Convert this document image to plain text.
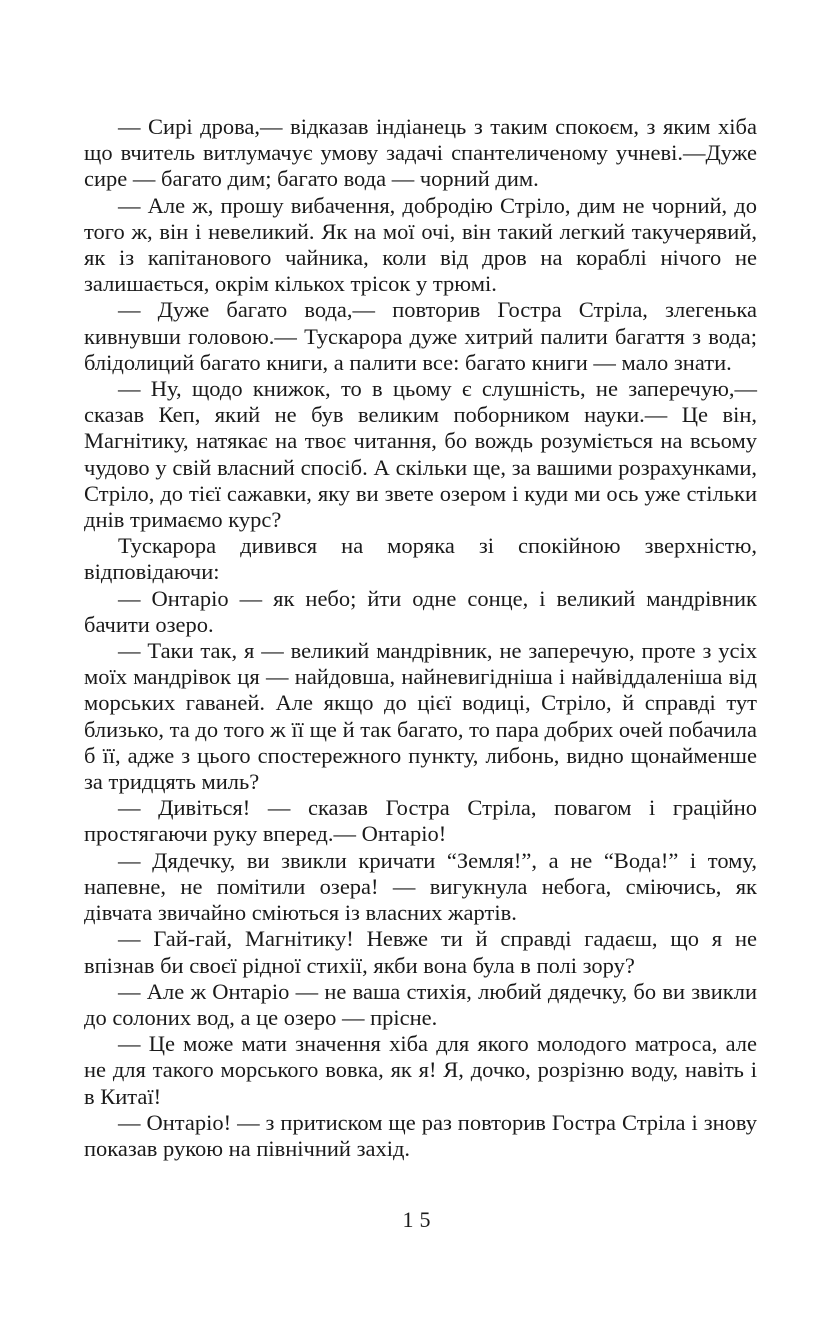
— Сирі дрова,— відказав індіанець з таким спокоєм, з яким хіба що вчитель витлумачує умову задачі спантеличеному учневі.—Дуже сире — багато дим; багато вода — чорний дим.

— Але ж, прошу вибачення, добродію Стріло, дим не чорний, до того ж, він і невеликий. Як на мої очі, він такий легкий такучерявий, як із капітанового чайника, коли від дров на кораблі нічого не залишається, окрім кількох трісок у трюмі.

— Дуже багато вода,— повторив Гостра Стріла, злегенька кивнувши головою.— Тускарора дуже хитрий палити багаття з вода; блідолиций багато книги, а палити все: багато книги — мало знати.

— Ну, щодо книжок, то в цьому є слушність, не заперечую,— сказав Кеп, який не був великим поборником науки.— Це він, Магнітику, натякає на твоє читання, бо вождь розуміється на всьому чудово у свій власний спосіб. А скільки ще, за вашими розрахунками, Стріло, до тієї сажавки, яку ви звете озером і куди ми ось уже стільки днів тримаємо курс?

Тускарора дивився на моряка зі спокійною зверхністю, відповідаючи:

— Онтаріо — як небо; йти одне сонце, і великий мандрівник бачити озеро.

— Таки так, я — великий мандрівник, не заперечую, проте з усіх моїх мандрівок ця — найдовша, найневигідніша і найвіддаленіша від морських гаваней. Але якщо до цієї водиці, Стріло, й справді тут близько, та до того ж її ще й так багато, то пара добрих очей побачила б її, адже з цього спостережного пункту, либонь, видно щонайменше за тридцять миль?

— Дивіться! — сказав Гостра Стріла, повагом і граційно простягаючи руку вперед.— Онтаріо!

— Дядечку, ви звикли кричати “Земля!”, а не “Вода!” і тому, напевне, не помітили озера! — вигукнула небога, сміючись, як дівчата звичайно сміються із власних жартів.

— Гай-гай, Магнітику! Невже ти й справді гадаєш, що я не впізнав би своєї рідної стихії, якби вона була в полі зору?

— Але ж Онтаріо — не ваша стихія, любий дядечку, бо ви звикли до солоних вод, а це озеро — прісне.

— Це може мати значення хіба для якого молодого матроса, але не для такого морського вовка, як я! Я, дочко, розрізню воду, навіть і в Китаї!

— Онтаріо! — з притиском ще раз повторив Гостра Стріла і знову показав рукою на північний захід.

15
